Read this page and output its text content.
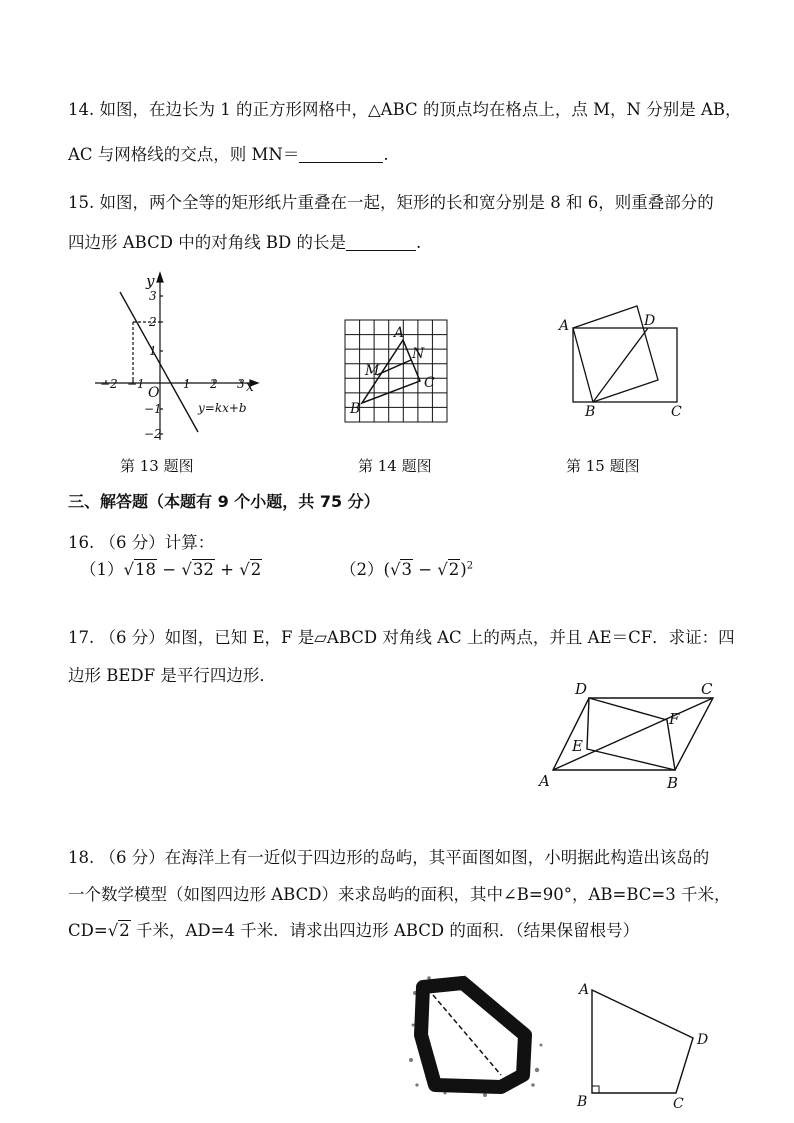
14. 如图，在边长为 1 的正方形网格中，△ABC 的顶点均在格点上，点 M，N 分别是 AB，
AC 与网格线的交点，则 MN＝	.
15. 如图，两个全等的矩形纸片重叠在一起，矩形的长和宽分别是 8 和 6，则重叠部分的
四边形 ABCD 中的对角线 BD 的长是	.
y
x
O
−2 −1	1 2 3
3
2
1
−1
−2
y=kx+b
第 13 题图
A
B
C
M
N
第 14 题图
A
B	C
D
第 15 题图
三、解答题（本题有 9 个小题，共 75 分）
16. （6 分）计算：
（1）√18 − √32 + √2	$(2)(√3 - √2)^2$
17. （6 分）如图，已知 E，F 是▱ABCD 对角线 AC 上的两点，并且 AE＝CF．求证：四
边形 BEDF 是平行四边形．
A	B
C
D
E
F
18. （6 分）在海洋上有一近似于四边形的岛屿，其平面图如图，小明据此构造出该岛的
一个数学模型（如图四边形 ABCD）来求岛屿的面积，其中∠B=90°，AB=BC=3 千米，
CD=√2 千米，AD=4 千米．请求出四边形 ABCD 的面积．（结果保留根号）
A
B	C
D
